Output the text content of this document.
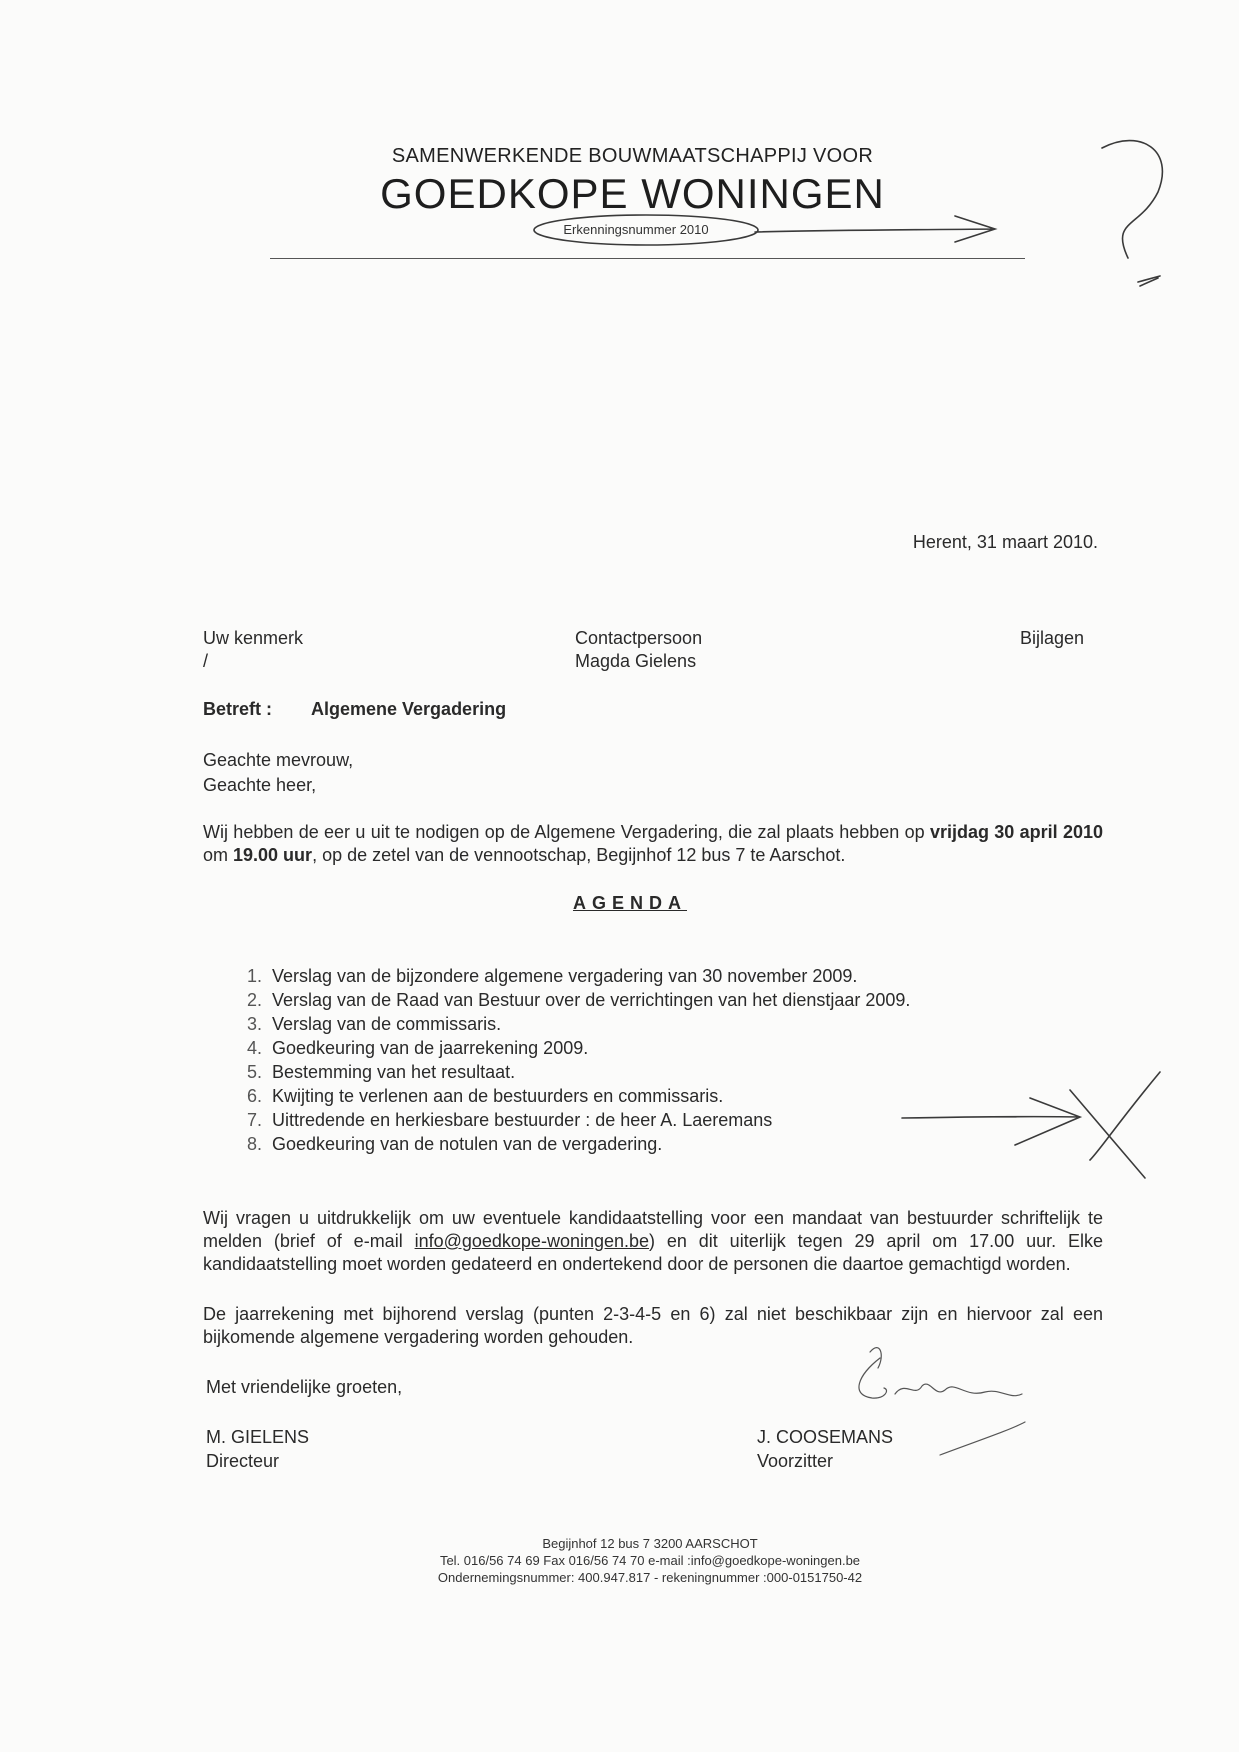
SAMENWERKENDE BOUWMAATSCHAPPIJ VOOR
GOEDKOPE WONINGEN
Erkenningsnummer 2010
Herent, 31 maart 2010.
Uw kenmerk
/
Contactpersoon
Magda Gielens
Bijlagen
Betreft : Algemene Vergadering
Geachte mevrouw,
Geachte heer,
Wij hebben de eer u uit te nodigen op de Algemene Vergadering, die zal plaats hebben op vrijdag 30 april 2010 om 19.00 uur, op de zetel van de vennootschap, Begijnhof 12 bus 7 te Aarschot.
AGENDA
1. Verslag van de bijzondere algemene vergadering van 30 november 2009.
2. Verslag van de Raad van Bestuur over de verrichtingen van het dienstjaar 2009.
3. Verslag van de commissaris.
4. Goedkeuring van de jaarrekening 2009.
5. Bestemming van het resultaat.
6. Kwijting te verlenen aan de bestuurders en commissaris.
7. Uittredende en herkiesbare bestuurder : de heer A. Laeremans
8. Goedkeuring van de notulen van de vergadering.
Wij vragen u uitdrukkelijk om uw eventuele kandidaatstelling voor een mandaat van bestuurder schriftelijk te melden (brief of e-mail info@goedkope-woningen.be) en dit uiterlijk tegen 29 april om 17.00 uur. Elke kandidaatstelling moet worden gedateerd en ondertekend door de personen die daartoe gemachtigd worden.
De jaarrekening met bijhorend verslag (punten 2-3-4-5 en 6) zal niet beschikbaar zijn en hiervoor zal een bijkomende algemene vergadering worden gehouden.
Met vriendelijke groeten,
M. GIELENS
Directeur
J. COOSEMANS
Voorzitter
Begijnhof 12 bus 7 3200 AARSCHOT
Tel. 016/56 74 69 Fax 016/56 74 70 e-mail :info@goedkope-woningen.be
Ondernemingsnummer: 400.947.817 - rekeningnummer :000-0151750-42
